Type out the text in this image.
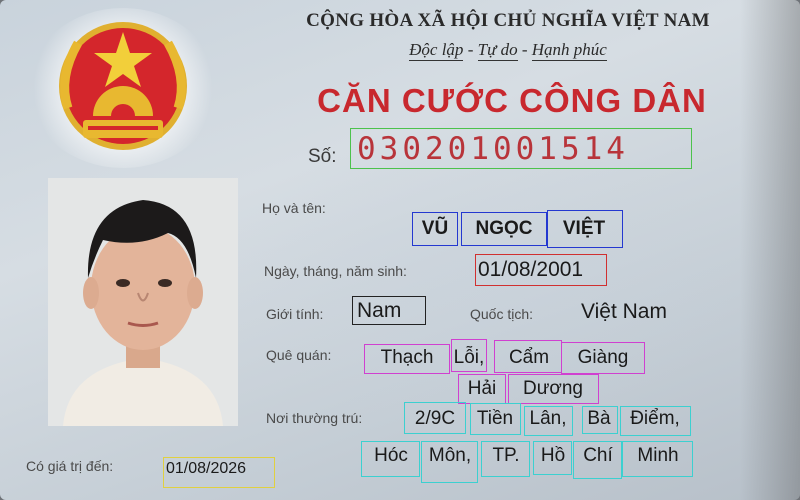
CỘNG HÒA XÃ HỘI CHỦ NGHĨA VIỆT NAM
Độc lập - Tự do - Hạnh phúc
CĂN CƯỚC CÔNG DÂN
Số: 030201001514
Họ và tên:
VŨ	NGỌC	VIỆT
Ngày, tháng, năm sinh:	01/08/2001
Giới tính: Nam	Quốc tịch: Việt Nam
Quê quán:	Thạch	Lỗi,	Cẩm	Giàng
Hải	Dương
Nơi thường trú:	2/9C	Tiền Lân,	Bà	Điểm,
Hóc	Môn,	TP.	Hồ Chí	Minh
Có giá trị đến:	01/08/2026
